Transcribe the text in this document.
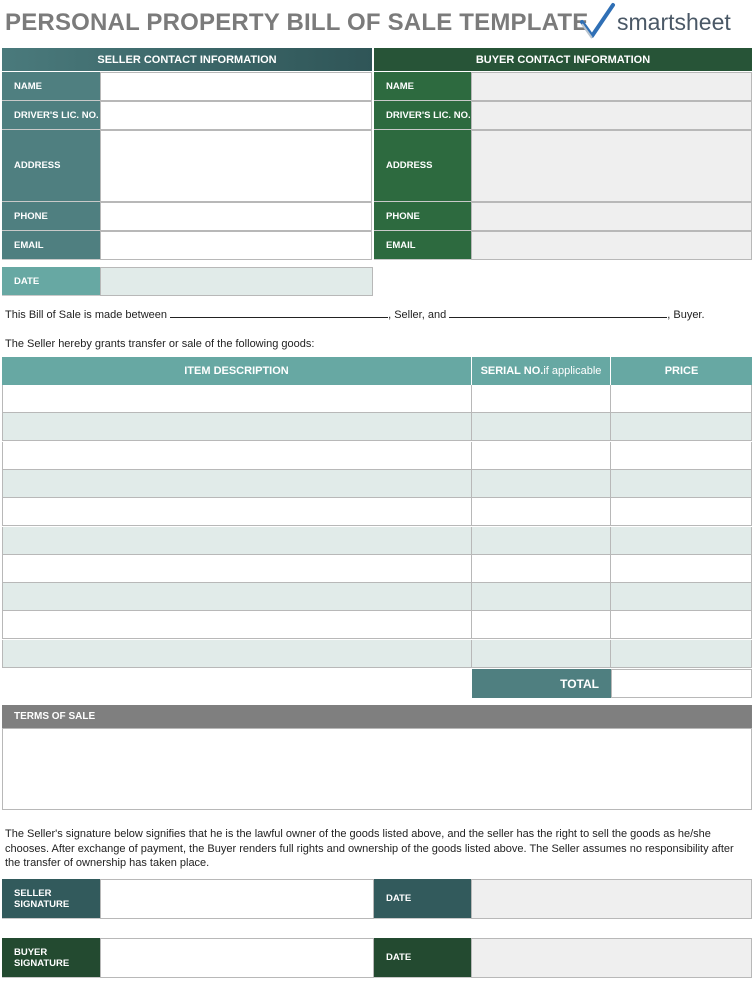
PERSONAL PROPERTY BILL OF SALE TEMPLATE smartsheet
SELLER CONTACT INFORMATION
NAME
DRIVER'S LIC. NO.
ADDRESS
PHONE
EMAIL
BUYER CONTACT INFORMATION
NAME
DRIVER'S LIC. NO.
ADDRESS
PHONE
EMAIL
DATE
This Bill of Sale is made between	, Seller, and	, Buyer.
The Seller hereby grants transfer or sale of the following goods:
ITEM DESCRIPTION	SERIAL NO. if applicable	PRICE
TOTAL
TERMS OF SALE
The Seller's signature below signifies that he is the lawful owner of the goods listed above, and the seller has the right to sell the goods as he/she chooses. After exchange of payment, the Buyer renders full rights and ownership of the goods listed above. The Seller assumes no responsibility after the transfer of ownership has taken place.
SELLER SIGNATURE	DATE
BUYER SIGNATURE	DATE
